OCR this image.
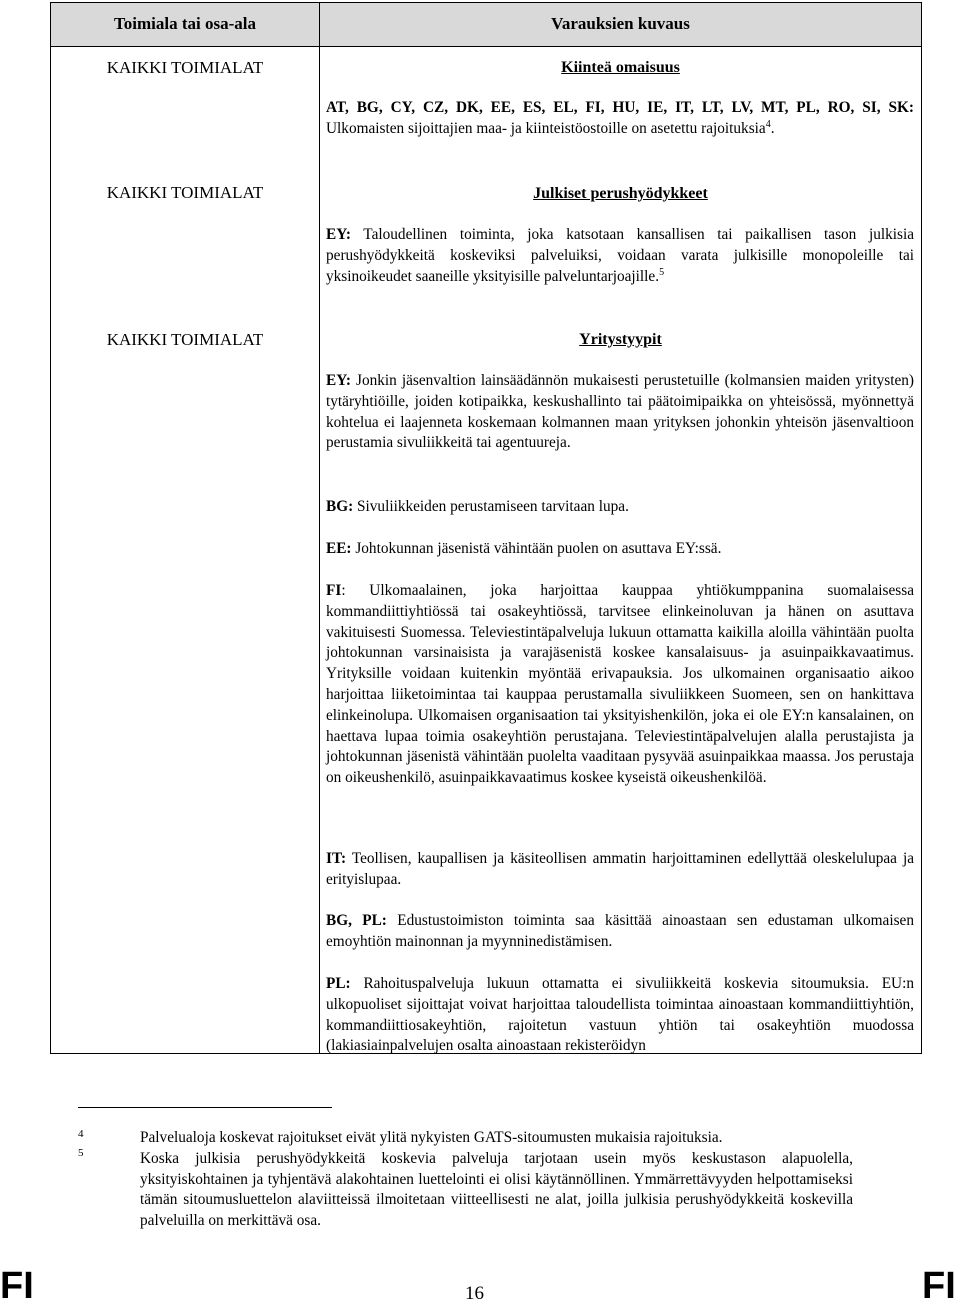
Toimiala tai osa-ala	Varauksien kuvaus
KAIKKI TOIMIALAT	Kiinteä omaisuus
AT, BG, CY, CZ, DK, EE, ES, EL, FI, HU, IE, IT, LT, LV, MT, PL, RO, SI, SK: Ulkomaisten sijoittajien maa- ja kiinteistöostoille on asetettu rajoituksia$^4$.
KAIKKI TOIMIALAT	Julkiset perushyödykkeet
EY: Taloudellinen toiminta, joka katsotaan kansallisen tai paikallisen tason julkisia perushyödykkeitä koskeviksi palveluiksi, voidaan varata julkisille monopoleille tai yksinoikeudet saaneille yksityisille palveluntarjoajille.$^5$
KAIKKI TOIMIALAT	Yritystyypit
EY: Jonkin jäsenvaltion lainsäädännön mukaisesti perustetuille (kolmansien maiden yritysten) tytäryhtiöille, joiden kotipaikka, keskushallinto tai päätoimipaikka on yhteisössä, myönnettyä kohtelua ei laajenneta koskemaan kolmannen maan yrityksen johonkin yhteisön jäsenvaltioon perustamia sivuliikkeitä tai agentuureja.
BG: Sivuliikkeiden perustamiseen tarvitaan lupa.
EE: Johtokunnan jäsenistä vähintään puolen on asuttava EY:ssä.
FI: Ulkomaalainen, joka harjoittaa kauppaa yhtiökumppanina suomalaisessa kommandiittiyhtiössä tai osakeyhtiössä, tarvitsee elinkeinoluvan ja hänen on asuttava vakituisesti Suomessa. Televiestintäpalveluja lukuun ottamatta kaikilla aloilla vähintään puolta johtokunnan varsinaisista ja varajäsenistä koskee kansalaisuus- ja asuinpaikkavaatimus. Yrityksille voidaan kuitenkin myöntää erivapauksia. Jos ulkomainen organisaatio aikoo harjoittaa liiketoimintaa tai kauppaa perustamalla sivuliikkeen Suomeen, sen on hankittava elinkeinolupa. Ulkomaisen organisaation tai yksityishenkilön, joka ei ole EY:n kansalainen, on haettava lupaa toimia osakeyhtiön perustajana. Televiestintäpalvelujen alalla perustajista ja johtokunnan jäsenistä vähintään puolelta vaaditaan pysyvää asuinpaikkaa maassa. Jos perustaja on oikeushenkilö, asuinpaikkavaatimus koskee kyseistä oikeushenkilöä.
IT: Teollisen, kaupallisen ja käsiteollisen ammatin harjoittaminen edellyttää oleskelulupaa ja erityislupaa.
BG, PL: Edustustoimiston toiminta saa käsittää ainoastaan sen edustaman ulkomaisen emoyhtiön mainonnan ja myynninedistämisen.
PL: Rahoituspalveluja lukuun ottamatta ei sivuliikkeitä koskevia sitoumuksia. EU:n ulkopuoliset sijoittajat voivat harjoittaa taloudellista toimintaa ainoastaan kommandiittiyhtiön, kommandiittiosakeyhtiön, rajoitetun vastuun yhtiön tai osakeyhtiön muodossa (lakiasiainpalvelujen osalta ainoastaan rekisteröidyn
4	Palvelualoja koskevat rajoitukset eivät ylitä nykyisten GATS-sitoumusten mukaisia rajoituksia.
5	Koska julkisia perushyödykkeitä koskevia palveluja tarjotaan usein myös keskustason alapuolella, yksityiskohtainen ja tyhjentävä alakohtainen luettelointi ei olisi käytännöllinen. Ymmärrettävyyden helpottamiseksi tämän sitoumusluettelon alaviitteissä ilmoitetaan viitteellisesti ne alat, joilla julkisia perushyödykkeitä koskevilla palveluilla on merkittävä osa.
FI	16	FI
